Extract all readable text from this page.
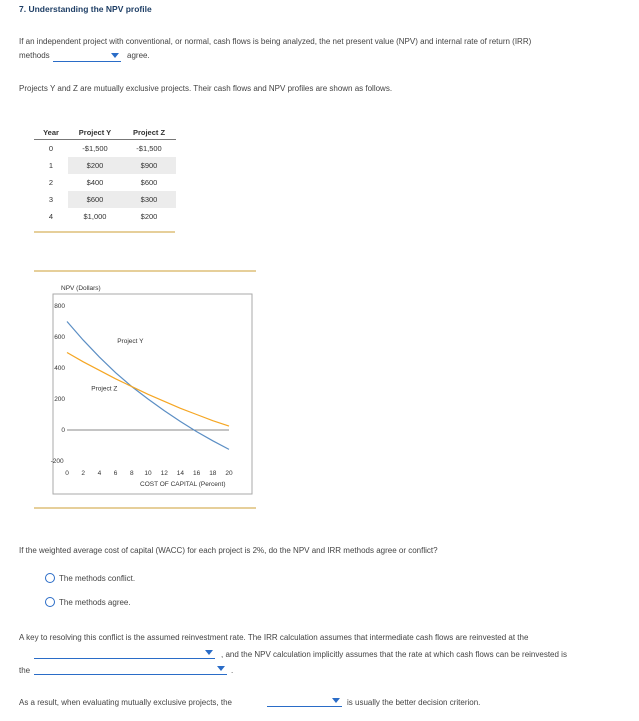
7. Understanding the NPV profile
If an independent project with conventional, or normal, cash flows is being analyzed, the net present value (NPV) and internal rate of return (IRR)
methods	agree.
Projects Y and Z are mutually exclusive projects. Their cash flows and NPV profiles are shown as follows.
Year	Project Y	Project Z
0	-$1,500	-$1,500
1	$200	$900
2	$400	$600
3	$600	$300
4	$1,000	$200
NPV (Dollars)
800
600
400
200
0
-200
0 2 4 6 8 10 12 14 16 18 20
Project Y
Project Z
COST OF CAPITAL (Percent)
If the weighted average cost of capital (WACC) for each project is 2%, do the NPV and IRR methods agree or conflict?
The methods conflict.
The methods agree.
A key to resolving this conflict is the assumed reinvestment rate. The IRR calculation assumes that intermediate cash flows are reinvested at the
, and the NPV calculation implicitly assumes that the rate at which cash flows can be reinvested is
the	.
As a result, when evaluating mutually exclusive projects, the	is usually the better decision criterion.
